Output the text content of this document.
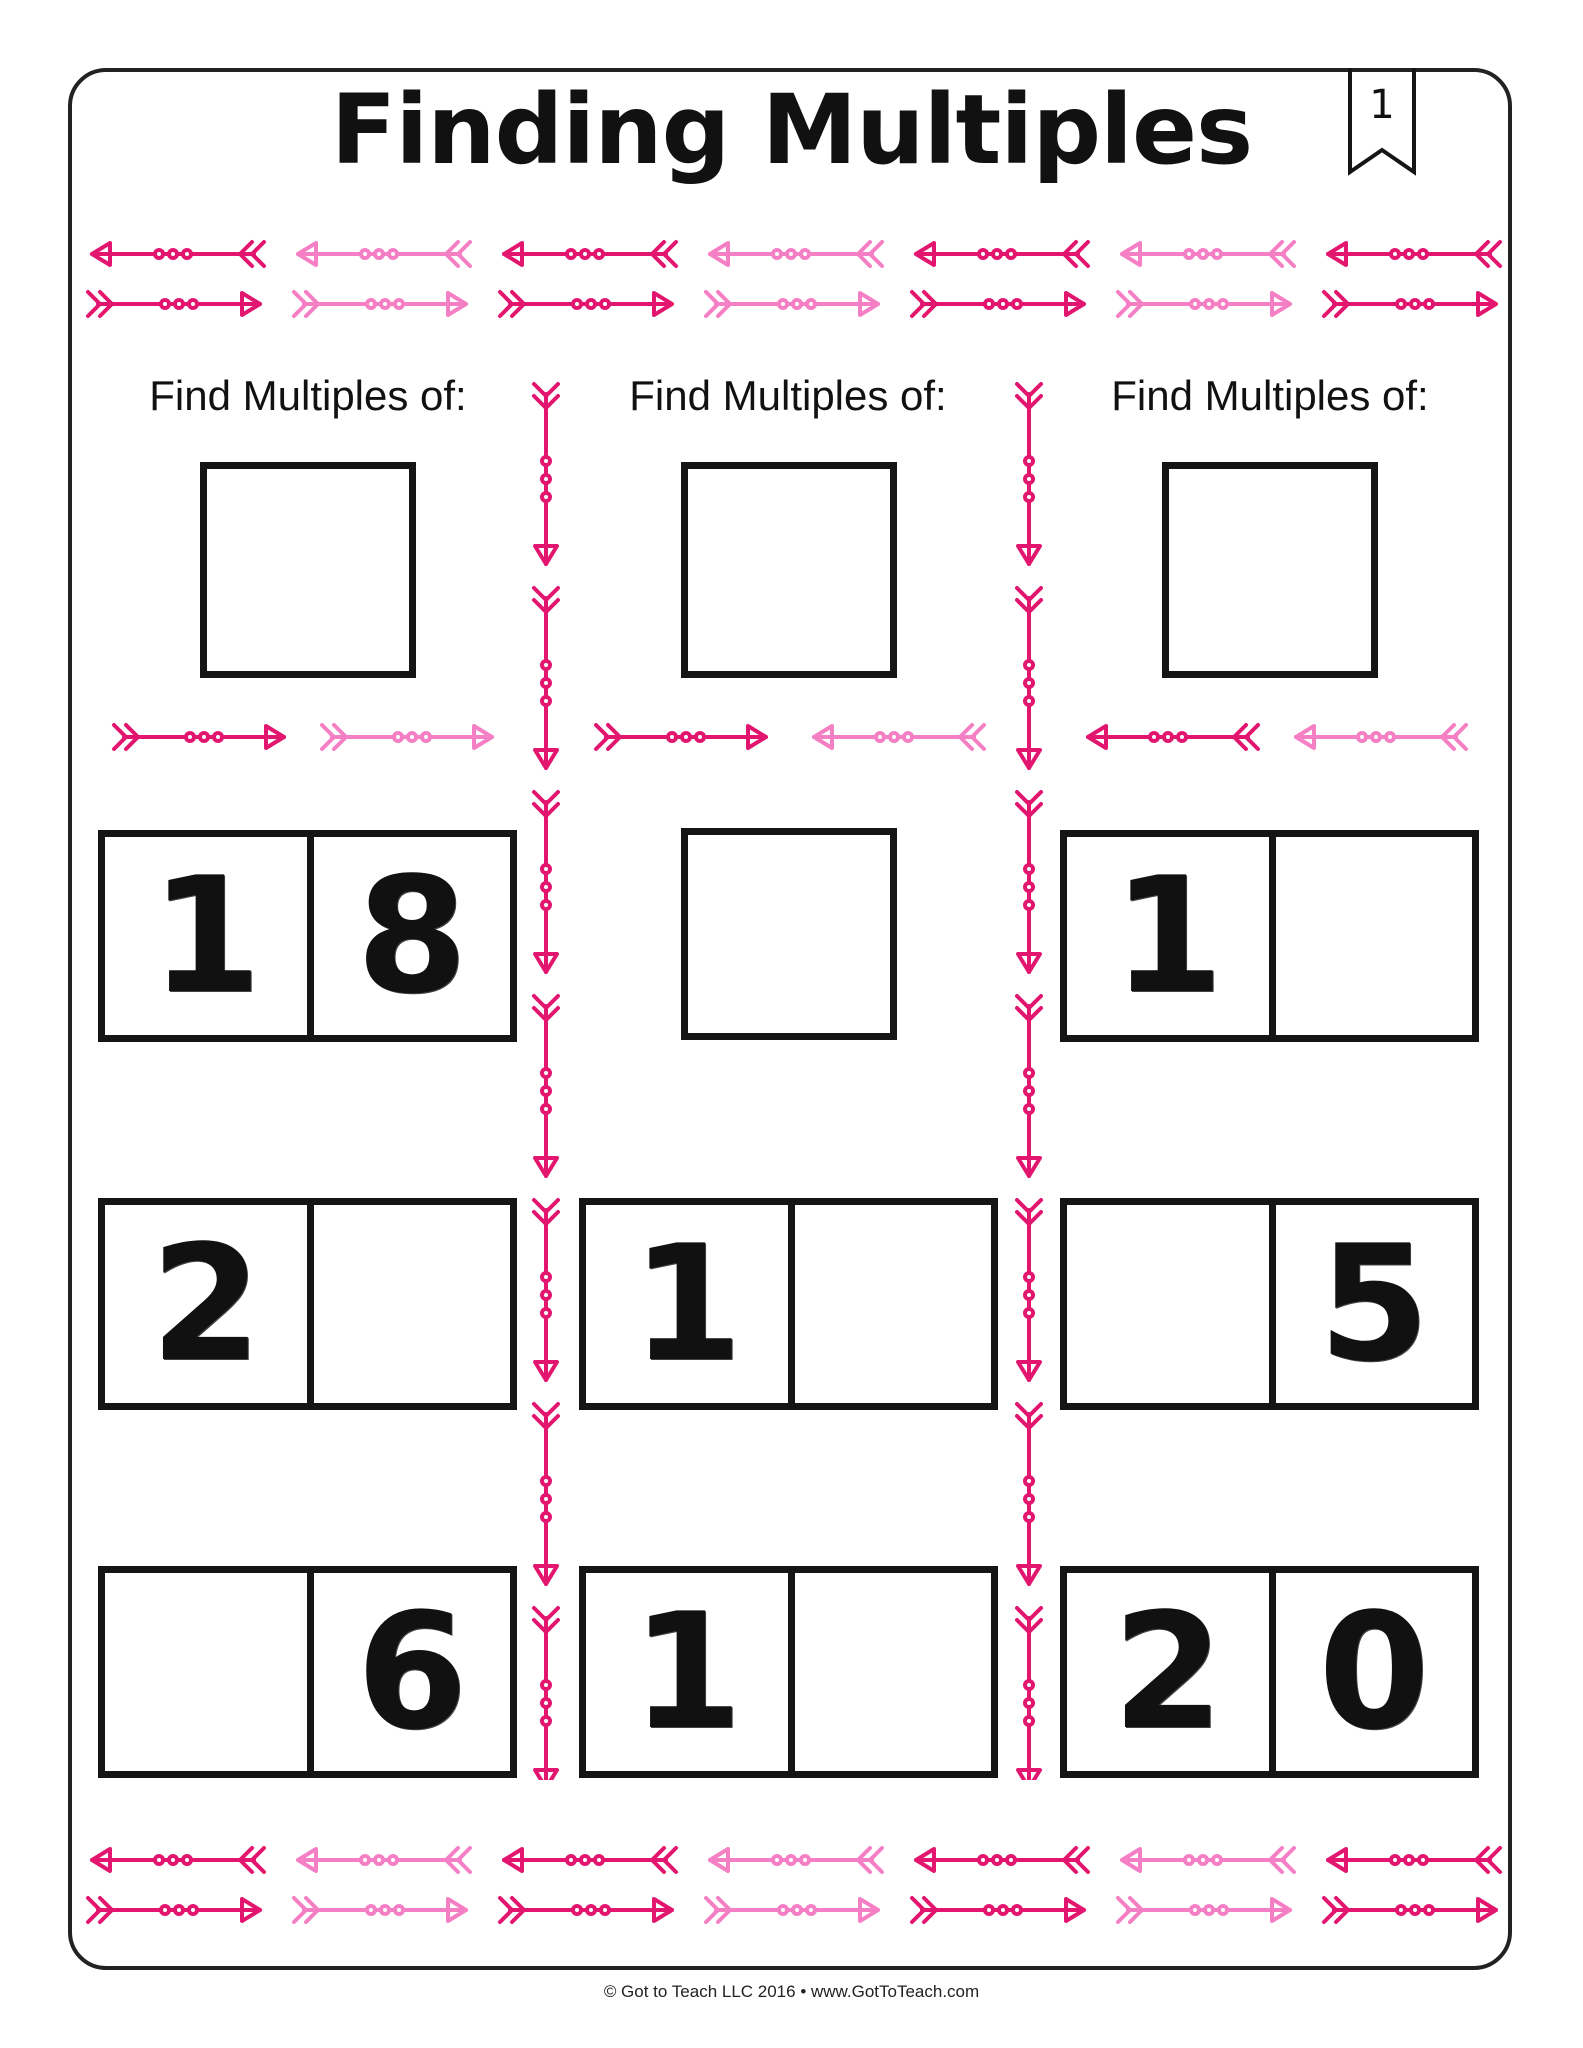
Finding Multiples	1
Find Multiples of:
1 8
2
6
Find Multiples of:
1
1
Find Multiples of:
1
5
2 0
© Got to Teach LLC 2016 • www.GotToTeach.com
